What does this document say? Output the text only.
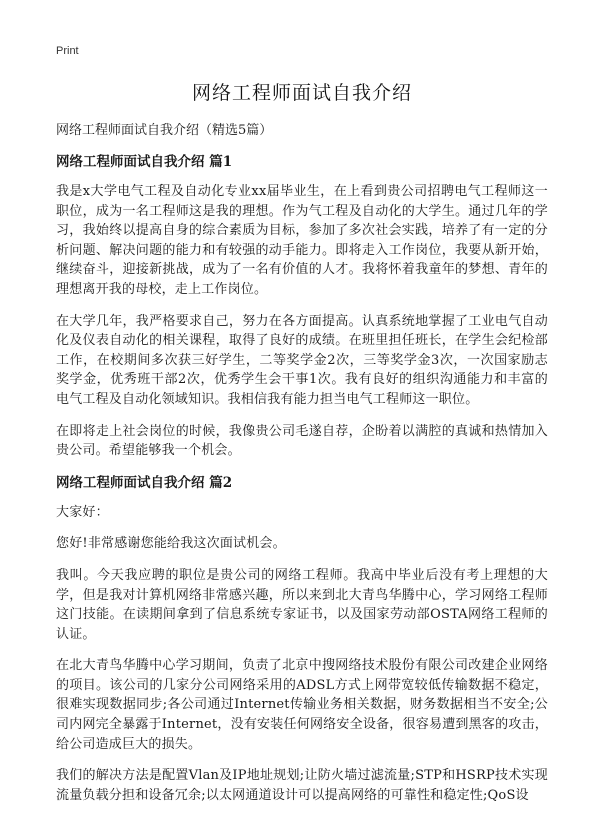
Print
网络工程师面试自我介绍
网络工程师面试自我介绍（精选5篇）
网络工程师面试自我介绍 篇1

我是x大学电气工程及自动化专业xx届毕业生，在上看到贵公司招聘电气工程师这一职位，成为一名工程师这是我的理想。作为气工程及自动化的大学生。通过几年的学习，我始终以提高自身的综合素质为目标，参加了多次社会实践，培养了有一定的分析问题、解决问题的能力和有较强的动手能力。即将走入工作岗位，我要从新开始，继续奋斗，迎接新挑战，成为了一名有价值的人才。我将怀着我童年的梦想、青年的理想离开我的母校，走上工作岗位。

在大学几年，我严格要求自己，努力在各方面提高。认真系统地掌握了工业电气自动化及仪表自动化的相关课程，取得了良好的成绩。在班里担任班长，在学生会纪检部工作，在校期间多次获三好学生，二等奖学金2次，三等奖学金3次，一次国家励志奖学金，优秀班干部2次，优秀学生会干事1次。我有良好的组织沟通能力和丰富的电气工程及自动化领域知识。我相信我有能力担当电气工程师这一职位。

在即将走上社会岗位的时候，我像贵公司毛遂自荐，企盼着以满腔的真诚和热情加入贵公司。希望能够我一个机会。

网络工程师面试自我介绍 篇2

大家好：

您好!非常感谢您能给我这次面试机会。

我叫。今天我应聘的职位是贵公司的网络工程师。我高中毕业后没有考上理想的大学，但是我对计算机网络非常感兴趣，所以来到北大青鸟华腾中心，学习网络工程师这门技能。在读期间拿到了信息系统专家证书，以及国家劳动部OSTA网络工程师的认证。

在北大青鸟华腾中心学习期间，负责了北京中搜网络技术股份有限公司改建企业网络的项目。该公司的几家分公司网络采用的ADSL方式上网带宽较低传输数据不稳定，很难实现数据同步;各公司通过Internet传输业务相关数据，财务数据相当不安全;公司内网完全暴露于Internet，没有安装任何网络安全设备，很容易遭到黑客的攻击，给公司造成巨大的损失。

我们的解决方法是配置Vlan及IP地址规划;让防火墙过滤流量;STP和HSRP技术实现流量负载分担和设备冗余;以太网通道设计可以提高网络的可靠性和稳定性;QoS设
